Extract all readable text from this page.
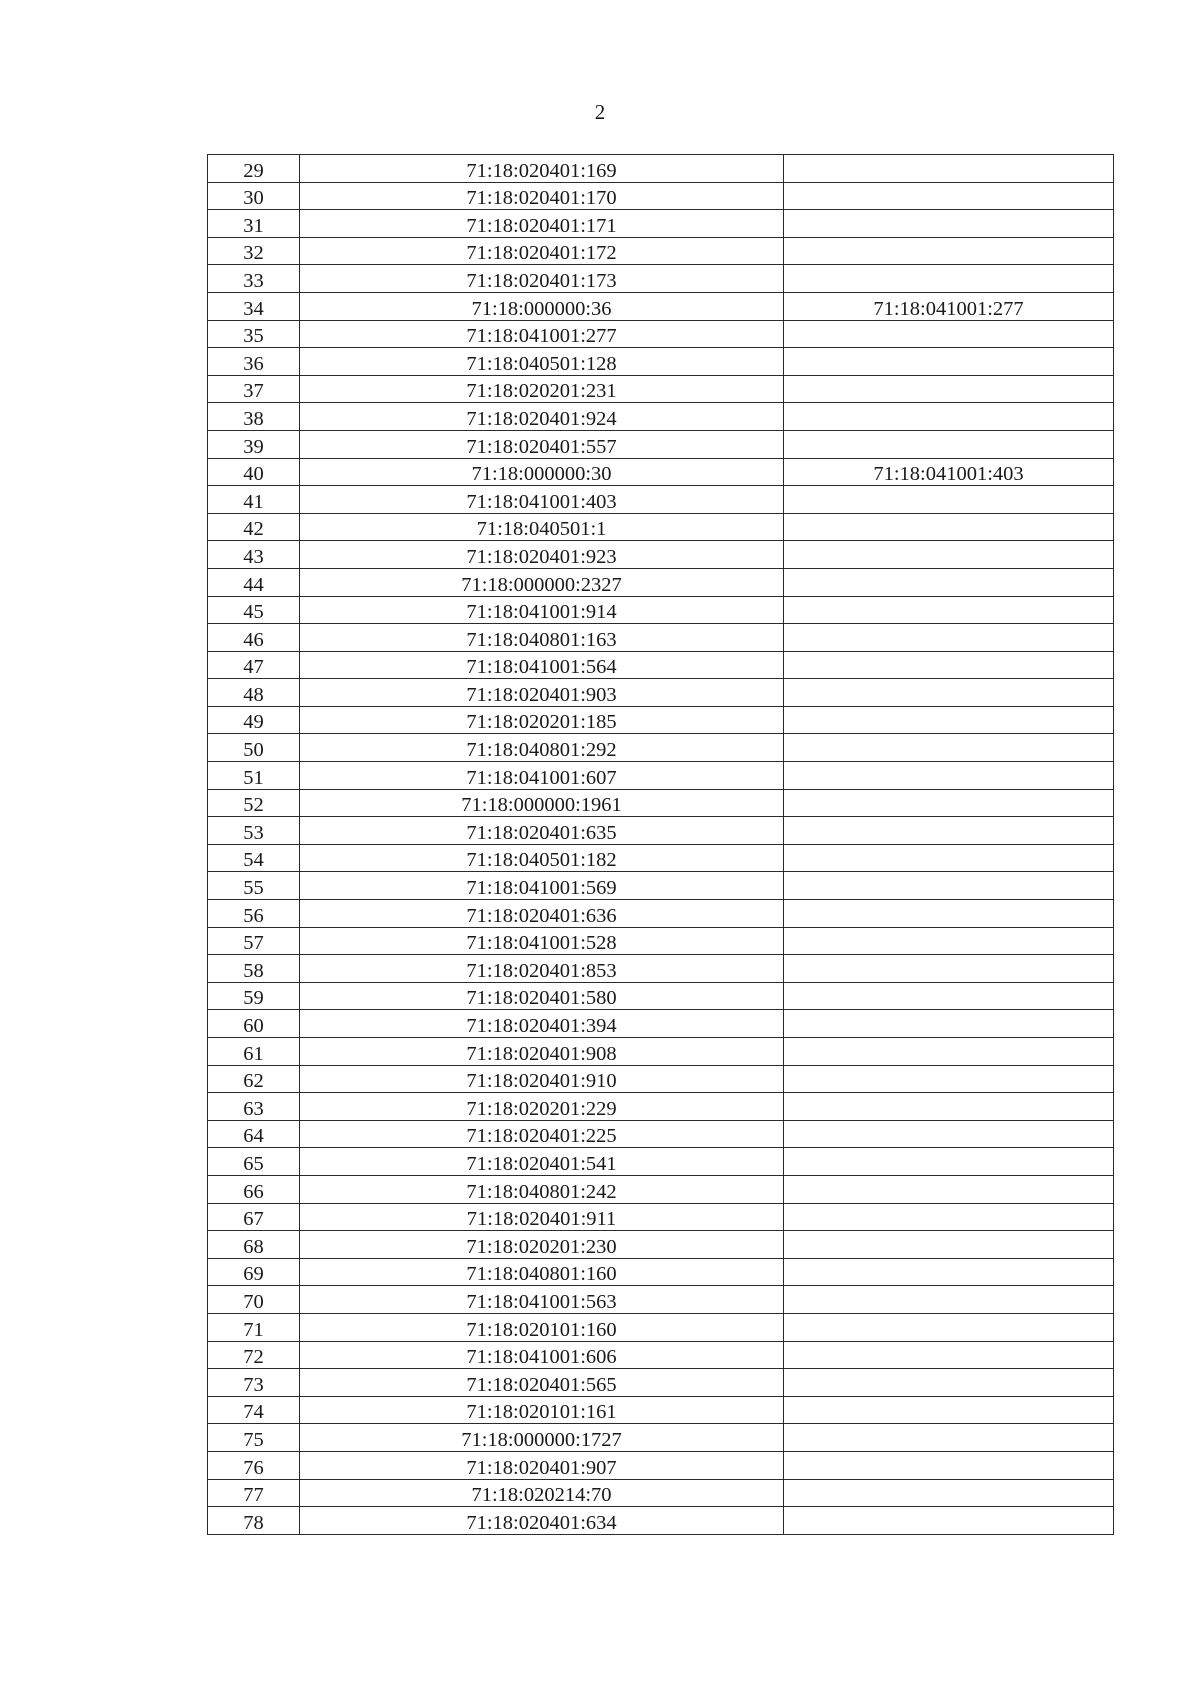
2
29	71:18:020401:169	
30	71:18:020401:170	
31	71:18:020401:171	
32	71:18:020401:172	
33	71:18:020401:173	
34	71:18:000000:36	71:18:041001:277
35	71:18:041001:277	
36	71:18:040501:128	
37	71:18:020201:231	
38	71:18:020401:924	
39	71:18:020401:557	
40	71:18:000000:30	71:18:041001:403
41	71:18:041001:403	
42	71:18:040501:1	
43	71:18:020401:923	
44	71:18:000000:2327	
45	71:18:041001:914	
46	71:18:040801:163	
47	71:18:041001:564	
48	71:18:020401:903	
49	71:18:020201:185	
50	71:18:040801:292	
51	71:18:041001:607	
52	71:18:000000:1961	
53	71:18:020401:635	
54	71:18:040501:182	
55	71:18:041001:569	
56	71:18:020401:636	
57	71:18:041001:528	
58	71:18:020401:853	
59	71:18:020401:580	
60	71:18:020401:394	
61	71:18:020401:908	
62	71:18:020401:910	
63	71:18:020201:229	
64	71:18:020401:225	
65	71:18:020401:541	
66	71:18:040801:242	
67	71:18:020401:911	
68	71:18:020201:230	
69	71:18:040801:160	
70	71:18:041001:563	
71	71:18:020101:160	
72	71:18:041001:606	
73	71:18:020401:565	
74	71:18:020101:161	
75	71:18:000000:1727	
76	71:18:020401:907	
77	71:18:020214:70	
78	71:18:020401:634	
